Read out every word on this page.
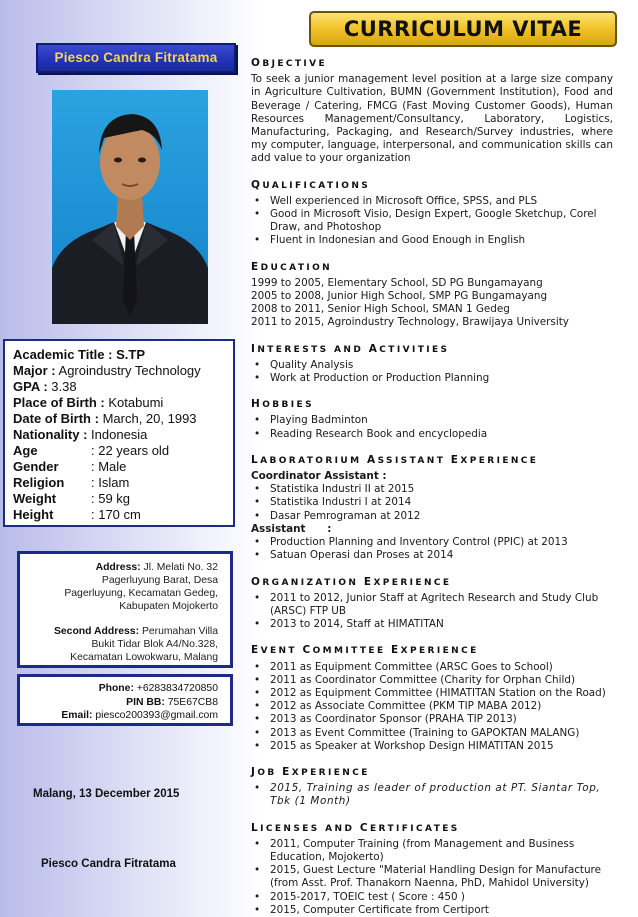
Piesco Candra Fitratama
Academic Title : S.TP
Major : Agroindustry Technology
GPA : 3.38
Place of Birth : Kotabumi
Date of Birth : March, 20, 1993
Nationality : Indonesia
Age	: 22 years old
Gender : Male
Religion : Islam
Weight	: 59 kg
Height	: 170 cm
Address: Jl. Melati No. 32
Pagerluyung Barat, Desa
Pagerluyung, Kecamatan Gedeg,
Kabupaten Mojokerto
Second Address: Perumahan Villa
Bukit Tidar Blok A4/No.328,
Kecamatan Lowokwaru, Malang
Phone: +6283834720850
PIN BB: 75E67CB8
Email: piesco200393@gmail.com
Malang, 13 December 2015
Piesco Candra Fitratama
CURRICULUM VITAE
OBJECTIVE
To seek a junior management level position at a large size company in Agriculture Cultivation, BUMN (Government Institution), Food and Beverage / Catering, FMCG (Fast Moving Customer Goods), Human Resources Management/Consultancy, Laboratory, Logistics, Manufacturing, Packaging, and Research/Survey industries, where my computer, language, interpersonal, and communication skills can add value to your organization
QUALIFICATIONS
• Well experienced in Microsoft Office, SPSS, and PLS
• Good in Microsoft Visio, Design Expert, Google Sketchup, Corel Draw, and Photoshop
• Fluent in Indonesian and Good Enough in English
EDUCATION
1999 to 2005, Elementary School, SD PG Bungamayang
2005 to 2008, Junior High School, SMP PG Bungamayang
2008 to 2011, Senior High School, SMAN 1 Gedeg
2011 to 2015, Agroindustry Technology, Brawijaya University
INTERESTS AND ACTIVITIES
• Quality Analysis
• Work at Production or Production Planning
HOBBIES
• Playing Badminton
• Reading Research Book and encyclopedia
LABORATORIUM ASSISTANT EXPERIENCE
Coordinator Assistant :
• Statistika Industri II at 2015
• Statistika Industri I at 2014
• Dasar Pemrograman at 2012
Assistant      :
• Production Planning and Inventory Control (PPIC) at 2013
• Satuan Operasi dan Proses at 2014
ORGANIZATION EXPERIENCE
• 2011 to 2012, Junior Staff at Agritech Research and Study Club (ARSC) FTP UB
• 2013 to 2014, Staff at HIMATITAN
EVENT COMMITTEE EXPERIENCE
• 2011 as Equipment Committee (ARSC Goes to School)
• 2011 as Coordinator Committee (Charity for Orphan Child)
• 2012 as Equipment Committee (HIMATITAN Station on the Road)
• 2012 as Associate Committee (PKM TIP MABA 2012)
• 2013 as Coordinator Sponsor (PRAHA TIP 2013)
• 2013 as Event Committee (Training to GAPOKTAN MALANG)
• 2015 as Speaker at Workshop Design HIMATITAN 2015
JOB EXPERIENCE
• 2015, Training as leader of production at PT. Siantar Top, Tbk (1 Month)
LICENSES AND CERTIFICATES
• 2011, Computer Training (from Management and Business Education, Mojokerto)
• 2015, Guest Lecture "Material Handling Design for Manufacture (from Asst. Prof. Thanakorn Naenna, PhD, Mahidol University)
• 2015-2017, TOEIC test ( Score : 450 )
• 2015, Computer Certificate from Certiport
